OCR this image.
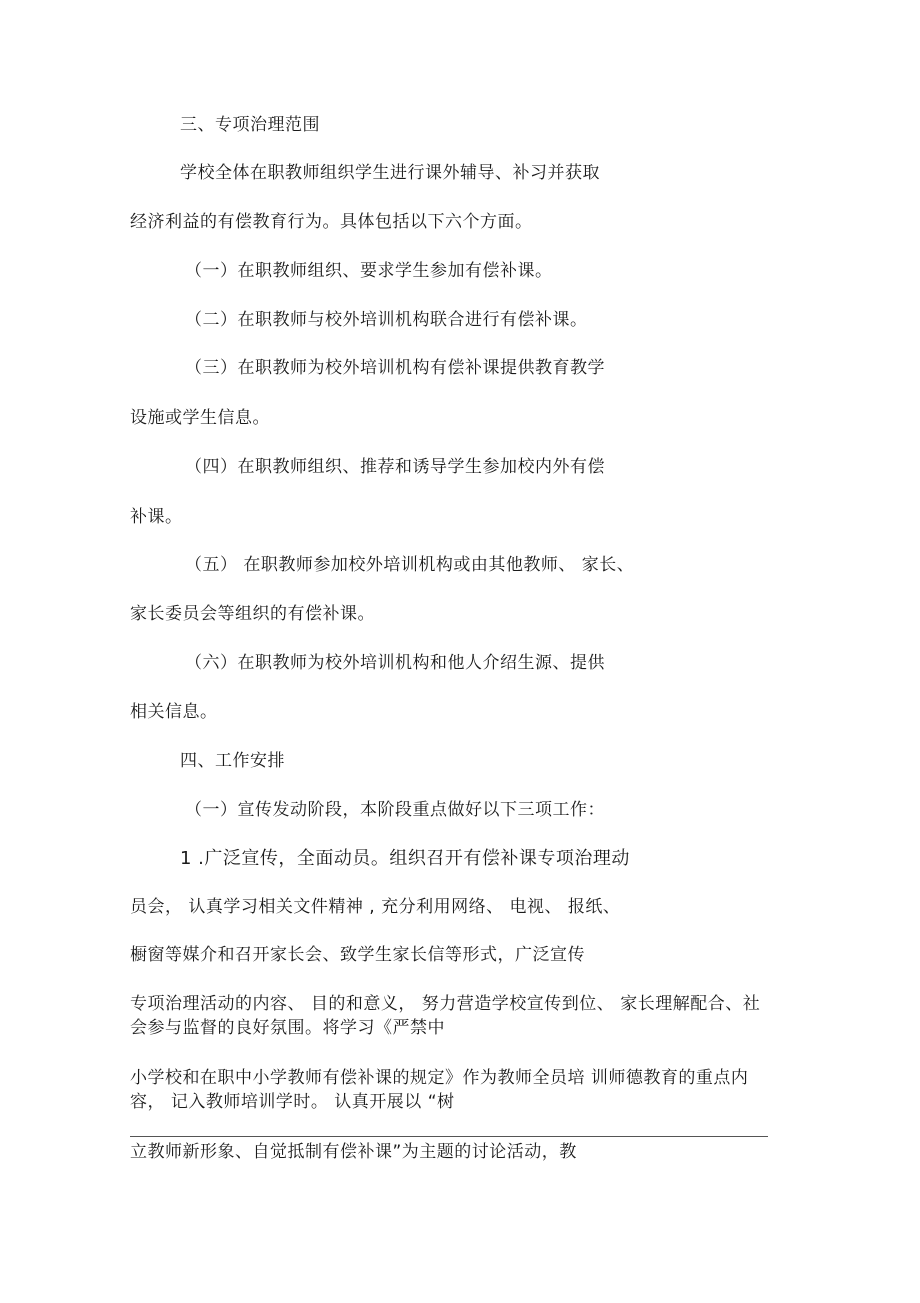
三、专项治理范围
学校全体在职教师组织学生进行课外辅导、补习并获取
经济利益的有偿教育行为。具体包括以下六个方面。
（一）在职教师组织、要求学生参加有偿补课。
（二）在职教师与校外培训机构联合进行有偿补课。
（三）在职教师为校外培训机构有偿补课提供教育教学
设施或学生信息。
（四）在职教师组织、推荐和诱导学生参加校内外有偿
补课。
（五） 在职教师参加校外培训机构或由其他教师、 家长、
家长委员会等组织的有偿补课。
（六）在职教师为校外培训机构和他人介绍生源、提供
相关信息。
四、工作安排
（一）宣传发动阶段，本阶段重点做好以下三项工作：
1 .广泛宣传，全面动员。组织召开有偿补课专项治理动
员会， 认真学习相关文件精神 , 充分利用网络、 电视、 报纸、
橱窗等媒介和召开家长会、致学生家长信等形式，广泛宣传
专项治理活动的内容、 目的和意义， 努力营造学校宣传到位、 家长理解配合、社会参与监督的良好氛围。将学习《严禁中
小学校和在职中小学教师有偿补课的规定》作为教师全员培 训师德教育的重点内容， 记入教师培训学时。 认真开展以 “树
立教师新形象、自觉抵制有偿补课”为主题的讨论活动，教
